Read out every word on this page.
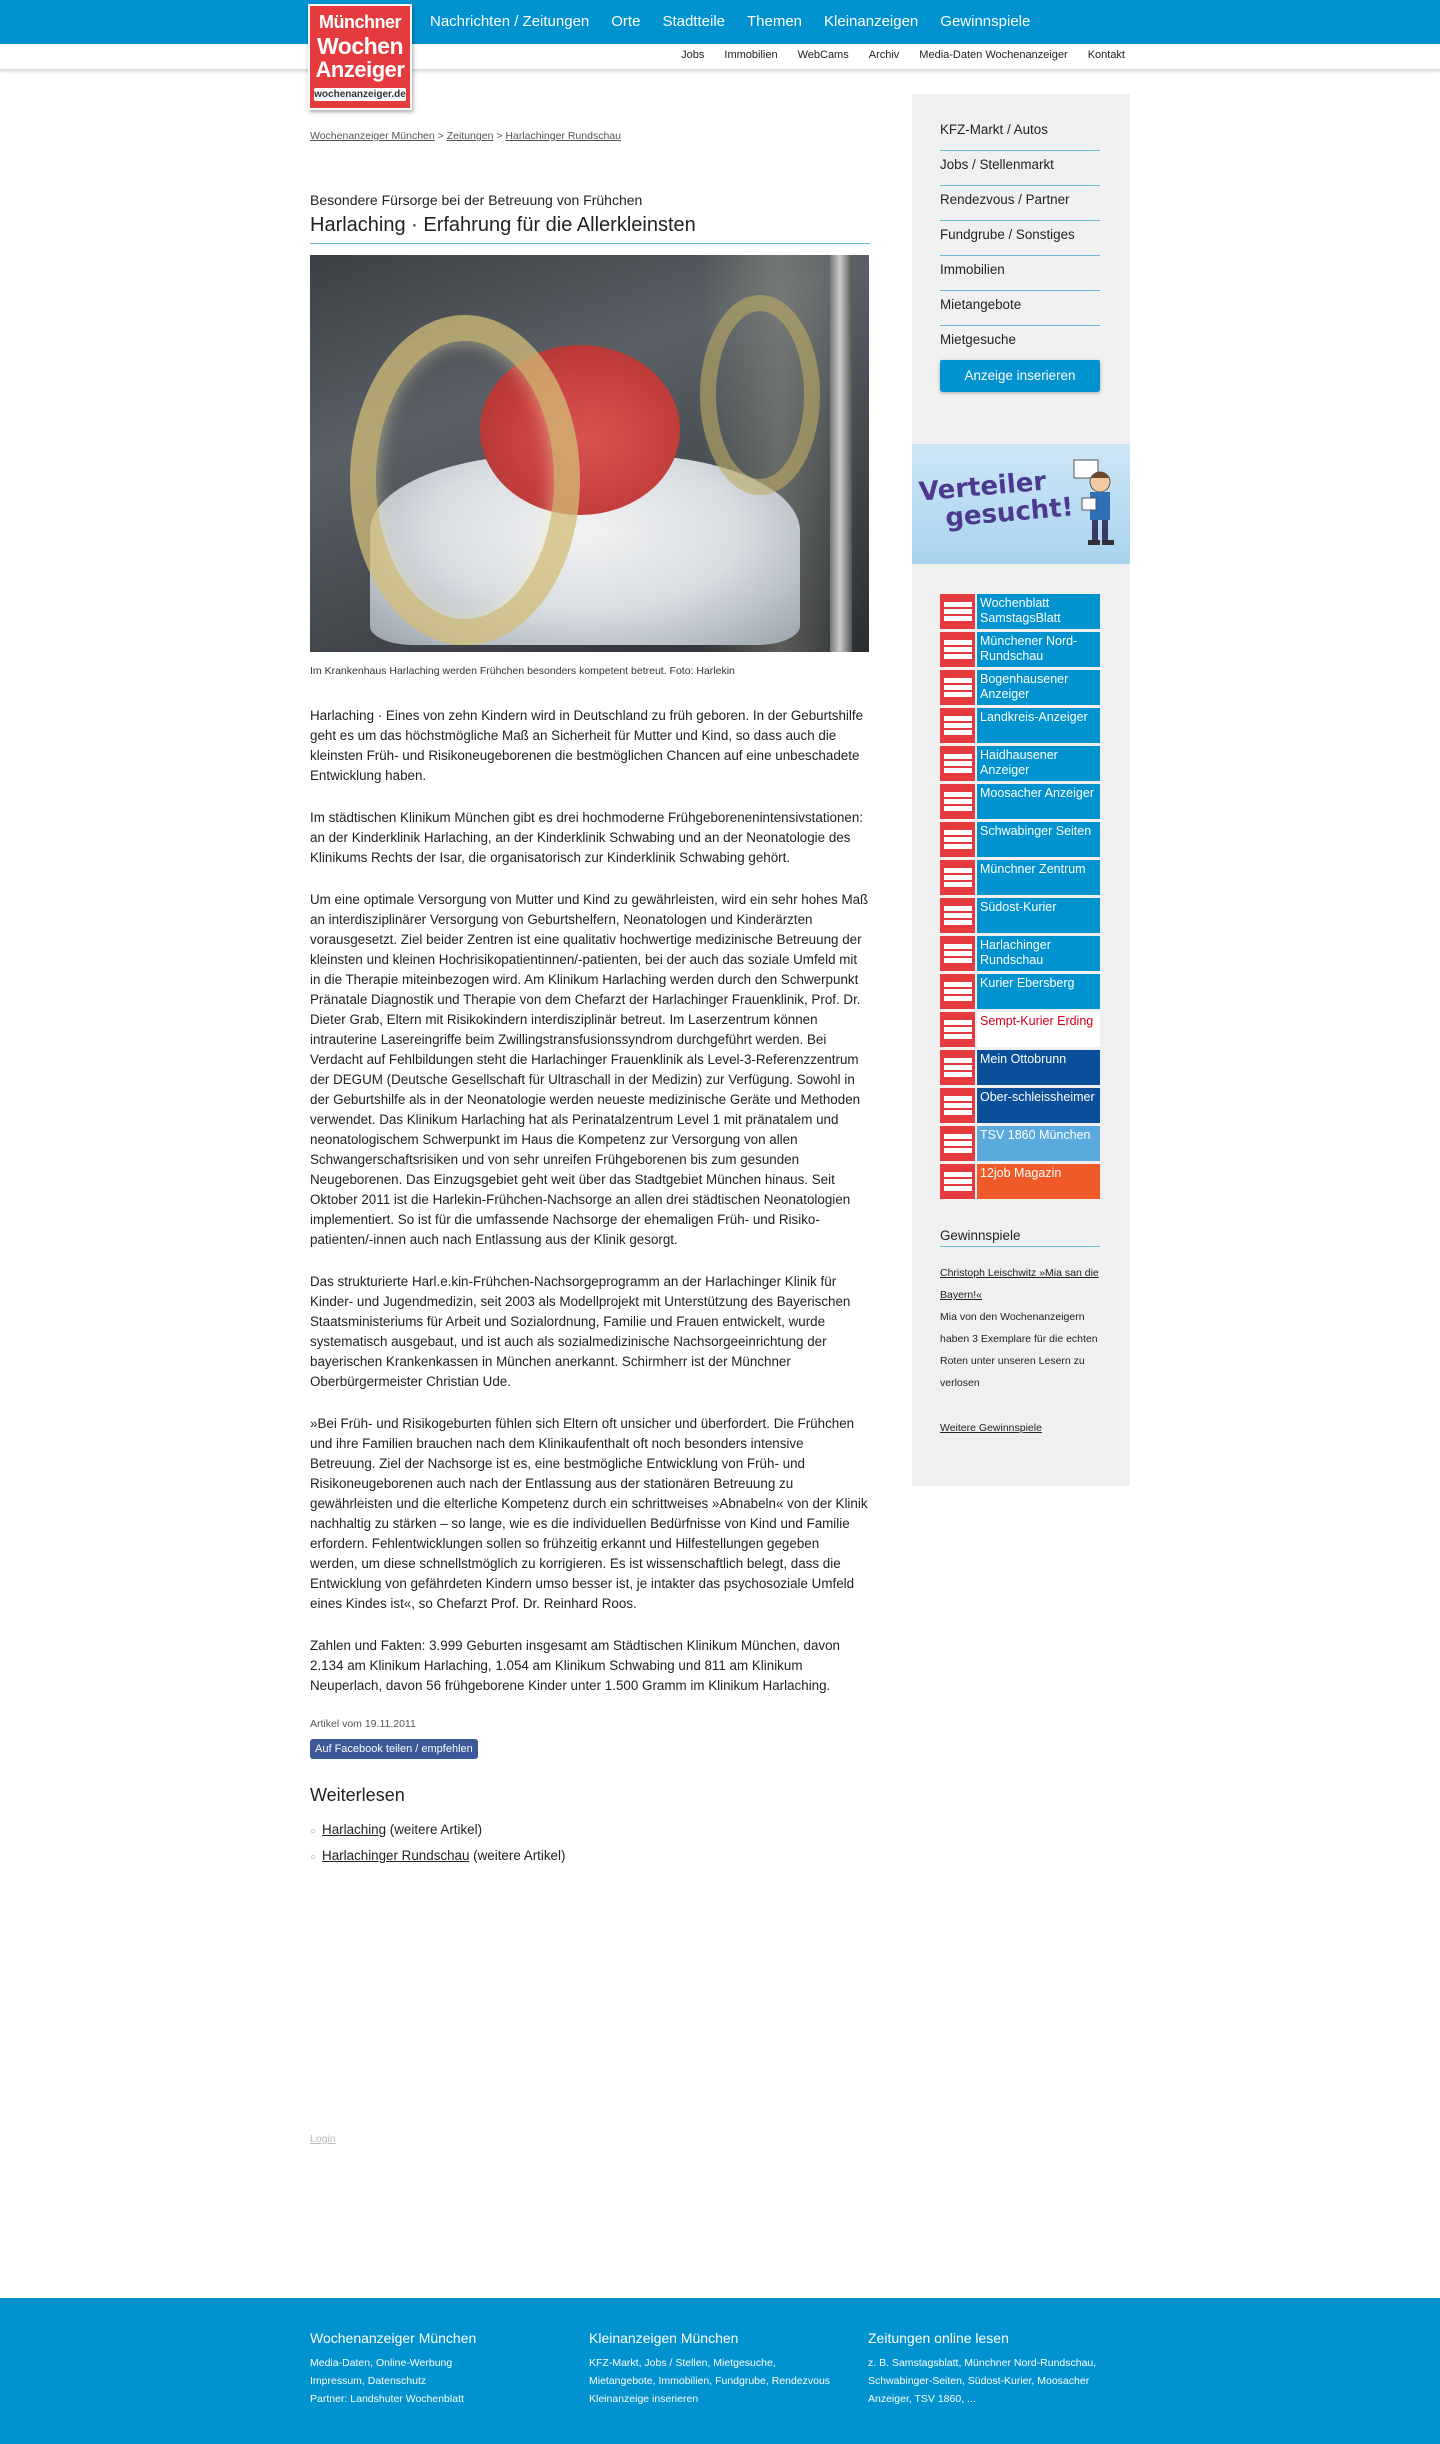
Münchner
Wochen
Anzeiger
wochenanzeiger.de
Nachrichten / Zeitungen Orte Stadtteile Themen Kleinanzeigen Gewinnspiele
Jobs Immobilien WebCams Archiv Media-Daten Wochenanzeiger Kontakt
Wochenanzeiger München > Zeitungen > Harlachinger Rundschau
Besondere Fürsorge bei der Betreuung von Frühchen
Harlaching · Erfahrung für die Allerkleinsten
Im Krankenhaus Harlaching werden Frühchen besonders kompetent betreut. Foto: Harlekin

Harlaching · Eines von zehn Kindern wird in Deutschland zu früh geboren. In der Geburtshilfe geht es um das höchstmögliche Maß an Sicherheit für Mutter und Kind, so dass auch die kleinsten Früh- und Risikoneugeborenen die bestmöglichen Chancen auf eine unbeschadete Entwicklung haben.

Im städtischen Klinikum München gibt es drei hochmoderne Frühgeborenenintensivstationen: an der Kinderklinik Harlaching, an der Kinderklinik Schwabing und an der Neonatologie des Klinikums Rechts der Isar, die organisatorisch zur Kinderklinik Schwabing gehört.

Um eine optimale Versorgung von Mutter und Kind zu gewährleisten, wird ein sehr hohes Maß an interdisziplinärer Versorgung von Geburtshelfern, Neonatologen und Kinderärzten vorausgesetzt. Ziel beider Zentren ist eine qualitativ hochwertige medizinische Betreuung der kleinsten und kleinen Hochrisikopatientinnen/-patienten, bei der auch das soziale Umfeld mit in die Therapie miteinbezogen wird. Am Klinikum Harlaching werden durch den Schwerpunkt Pränatale Diagnostik und Therapie von dem Chefarzt der Harlachinger Frauenklinik, Prof. Dr. Dieter Grab, Eltern mit Risikokindern interdisziplinär betreut. Im Laserzentrum können intrauterine Lasereingriffe beim Zwillingstransfusionssyndrom durchgeführt werden. Bei Verdacht auf Fehlbildungen steht die Harlachinger Frauenklinik als Level-3-Referenzzentrum der DEGUM (Deutsche Gesellschaft für Ultraschall in der Medizin) zur Verfügung. Sowohl in der Geburtshilfe als in der Neonatologie werden neueste medizinische Geräte und Methoden verwendet. Das Klinikum Harlaching hat als Perinatalzentrum Level 1 mit pränatalem und neonatologischem Schwerpunkt im Haus die Kompetenz zur Versorgung von allen Schwangerschaftsrisiken und von sehr unreifen Frühgeborenen bis zum gesunden Neugeborenen. Das Einzugsgebiet geht weit über das Stadtgebiet München hinaus. Seit Oktober 2011 ist die Harlekin-Frühchen-Nachsorge an allen drei städtischen Neonatologien implementiert. So ist für die umfassende Nachsorge der ehemaligen Früh- und Risiko- patienten/-innen auch nach Entlassung aus der Klinik gesorgt.

Das strukturierte Harl.e.kin-Frühchen-Nachsorgeprogramm an der Harlachinger Klinik für Kinder- und Jugendmedizin, seit 2003 als Modellprojekt mit Unterstützung des Bayerischen Staatsministeriums für Arbeit und Sozialordnung, Familie und Frauen entwickelt, wurde systematisch ausgebaut, und ist auch als sozialmedizinische Nachsorgeeinrichtung der bayerischen Krankenkassen in München anerkannt. Schirmherr ist der Münchner Oberbürgermeister Christian Ude.

»Bei Früh- und Risikogeburten fühlen sich Eltern oft unsicher und überfordert. Die Frühchen und ihre Familien brauchen nach dem Klinikaufenthalt oft noch besonders intensive Betreuung. Ziel der Nachsorge ist es, eine bestmögliche Entwicklung von Früh- und Risikoneugeborenen auch nach der Entlassung aus der stationären Betreuung zu gewährleisten und die elterliche Kompetenz durch ein schrittweises »Abnabeln« von der Klinik nachhaltig zu stärken – so lange, wie es die individuellen Bedürfnisse von Kind und Familie erfordern. Fehlentwicklungen sollen so frühzeitig erkannt und Hilfestellungen gegeben werden, um diese schnellstmöglich zu korrigieren. Es ist wissenschaftlich belegt, dass die Entwicklung von gefährdeten Kindern umso besser ist, je intakter das psychosoziale Umfeld eines Kindes ist«, so Chefarzt Prof. Dr. Reinhard Roos.

Zahlen und Fakten: 3.999 Geburten insgesamt am Städtischen Klinikum München, davon 2.134 am Klinikum Harlaching, 1.054 am Klinikum Schwabing und 811 am Klinikum Neuperlach, davon 56 frühgeborene Kinder unter 1.500 Gramm im Klinikum Harlaching.

Artikel vom 19.11.2011
Auf Facebook teilen / empfehlen
Weiterlesen
○ Harlaching (weitere Artikel)
○ Harlachinger Rundschau (weitere Artikel)
Login
KFZ-Markt / Autos
Jobs / Stellenmarkt
Rendezvous / Partner
Fundgrube / Sonstiges
Immobilien
Mietangebote
Mietgesuche
Anzeige inserieren
Verteiler
gesucht!
Wochenblatt SamstagsBlatt
Münchener Nord-Rundschau
Bogenhausener Anzeiger
Landkreis-Anzeiger
Haidhausener Anzeiger
Moosacher Anzeiger
Schwabinger Seiten
Münchner Zentrum
Südost-Kurier
Harlachinger Rundschau
Kurier Ebersberg
Sempt-Kurier Erding
Mein Ottobrunn
Ober-schleissheimer
TSV 1860 München
12job Magazin
Gewinnspiele
Christoph Leischwitz »Mia san die Bayern!«
Mia von den Wochenanzeigern haben 3 Exemplare für die echten Roten unter unseren Lesern zu verlosen
Weitere Gewinnspiele
Wochenanzeiger München

Media-Daten, Online-Werbung

Impressum, Datenschutz

Partner: Landshuter Wochenblatt

Kleinanzeigen München

KFZ-Markt, Jobs / Stellen, Mietgesuche,

Mietangebote, Immobilien, Fundgrube, Rendezvous

Kleinanzeige inserieren

Zeitungen online lesen

z. B. Samstagsblatt, Münchner Nord-Rundschau,

Schwabinger-Seiten, Südost-Kurier, Moosacher

Anzeiger, TSV 1860, ...
